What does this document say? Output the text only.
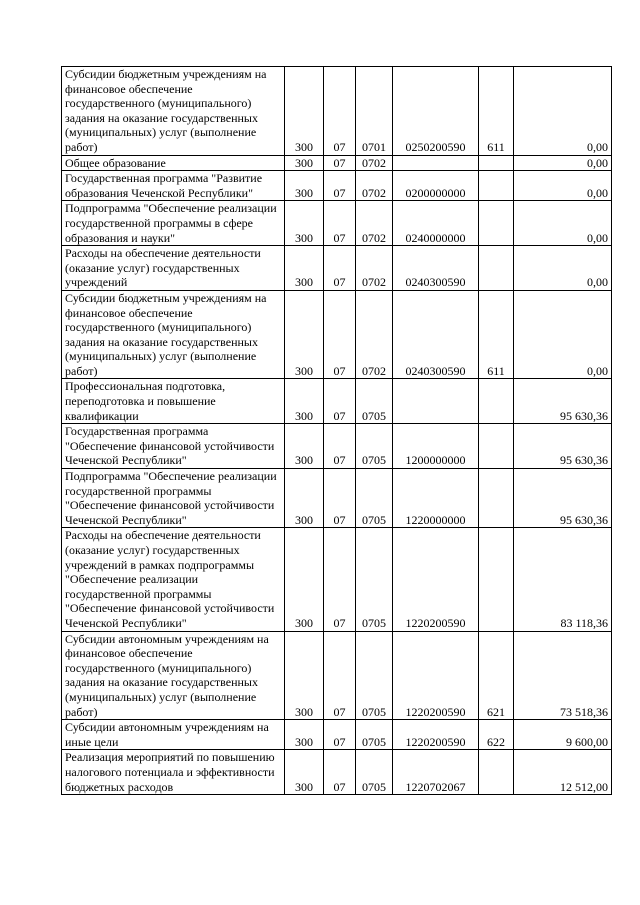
Субсидии бюджетным учреждениям на финансовое обеспечение государственного (муниципального) задания на оказание государственных (муниципальных) услуг (выполнение работ)	300	07	0701	0250200590	611	0,00
Общее образование	300	07	0702			0,00
Государственная программа "Развитие образования Чеченской Республики"	300	07	0702	0200000000		0,00
Подпрограмма "Обеспечение реализации государственной программы в сфере образования и науки"	300	07	0702	0240000000		0,00
Расходы на обеспечение деятельности (оказание услуг) государственных учреждений	300	07	0702	0240300590		0,00
Субсидии бюджетным учреждениям на финансовое обеспечение государственного (муниципального) задания на оказание государственных (муниципальных) услуг (выполнение работ)	300	07	0702	0240300590	611	0,00
Профессиональная подготовка, переподготовка и повышение квалификации	300	07	0705			95 630,36
Государственная программа "Обеспечение финансовой устойчивости Чеченской Республики"	300	07	0705	1200000000		95 630,36
Подпрограмма "Обеспечение реализации государственной программы "Обеспечение финансовой устойчивости Чеченской Республики"	300	07	0705	1220000000		95 630,36
Расходы на обеспечение деятельности (оказание услуг) государственных учреждений в рамках подпрограммы "Обеспечение реализации государственной программы "Обеспечение финансовой устойчивости Чеченской Республики"	300	07	0705	1220200590		83 118,36
Субсидии автономным учреждениям на финансовое обеспечение государственного (муниципального) задания на оказание государственных (муниципальных) услуг (выполнение работ)	300	07	0705	1220200590	621	73 518,36
Субсидии автономным учреждениям на иные цели	300	07	0705	1220200590	622	9 600,00
Реализация мероприятий по повышению налогового потенциала и эффективности бюджетных расходов	300	07	0705	1220702067		12 512,00
